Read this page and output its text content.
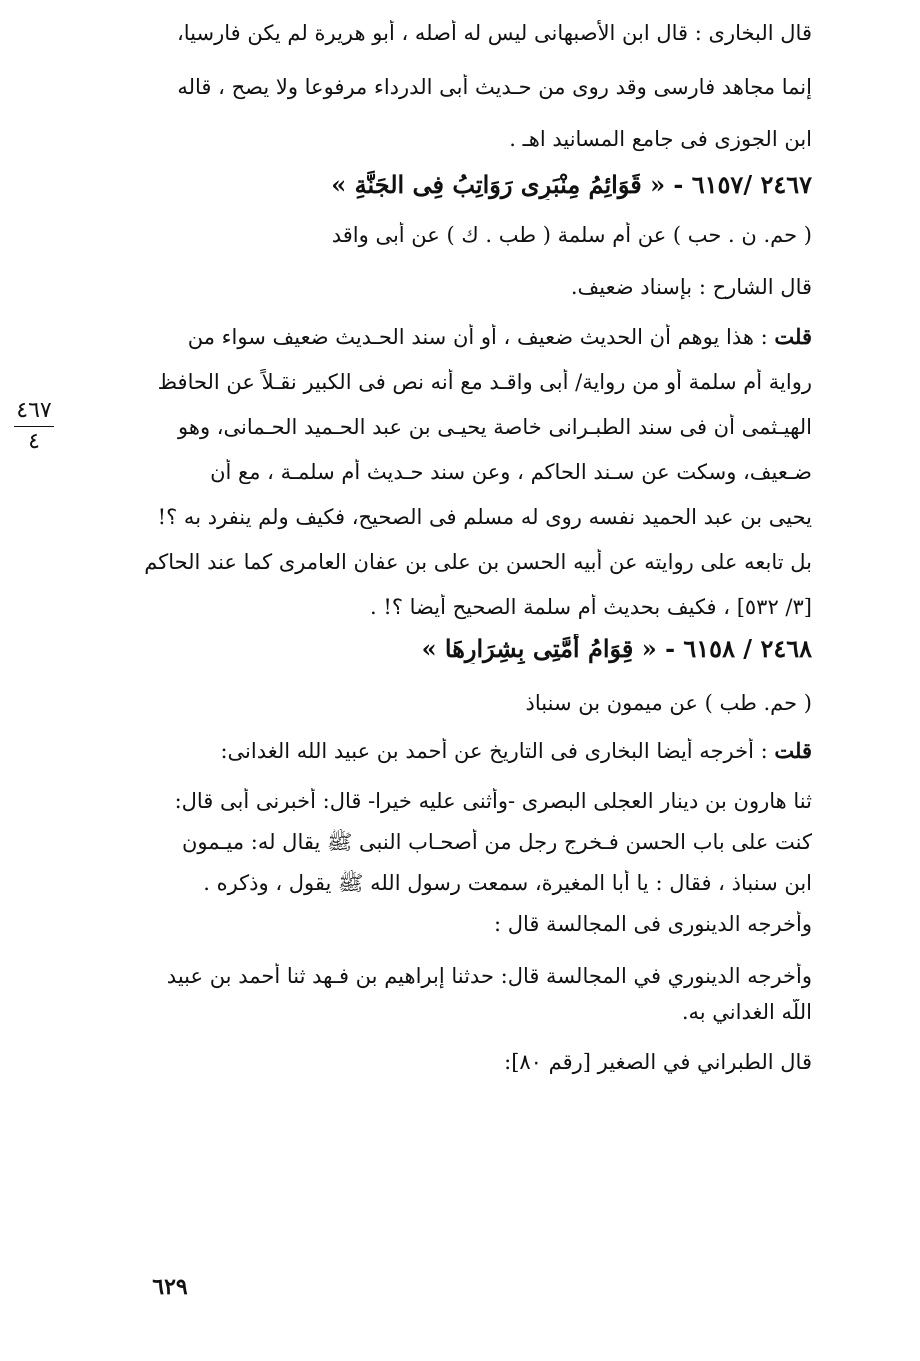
٤٦٧
٤
قال البخارى : قال ابن الأصبهانى ليس له أصله ، أبو هريرة لم يكن فارسيا،
إنما مجاهد فارسى وقد روى من حـديث أبى الدرداء مرفوعا ولا يصح ، قاله
ابن الجوزى فى جامع المسانيد اهـ .
٢٤٦٧ /٦١٥٧ - « قَوَائِمُ مِنْبَرِى رَوَاتِبُ فِى الجَنَّةِ »
( حم. ن . حب ) عن أم سلمة ( طب . ك ) عن أبى واقد
قال الشارح : بإسناد ضعيف.
قلت : هذا يوهم أن الحديث ضعيف ، أو أن سند الحـديث ضعيف سواء من
رواية أم سلمة أو من رواية/ أبى واقـد مع أنه نص فى الكبير نقـلاً عن الحافظ
الهيـثمى أن فى سند الطبـرانى خاصة يحيـى بن عبد الحـميد الحـمانى، وهو
ضـعيف، وسكت عن سـند الحاكم ، وعن سند حـديث أم سلمـة ، مع أن
يحيى بن عبد الحميد نفسه روى له مسلم فى الصحيح، فكيف ولم ينفرد به ؟!
بل تابعه على روايته عن أبيه الحسن بن على بن عفان العامرى كما عند الحاكم
[٣/ ٥٣٢] ، فكيف بحديث أم سلمة الصحيح أيضا ؟! .
٢٤٦٨ / ٦١٥٨ - « قِوَامُ أُمَّتِى بِشِرَارِهَا »
( حم. طب ) عن ميمون بن سنباذ
قلت : أخرجه أيضا البخارى فى التاريخ عن أحمد بن عبيد الله الغدانى:
ثنا هارون بن دينار العجلى البصرى -وأثنى عليه خيرا- قال: أخبرنى أبى قال:
كنت على باب الحسن فـخرج رجل من أصحـاب النبى ﷺ يقال له: ميـمون
ابن سنباذ ، فقال : يا أبا المغيرة، سمعت رسول الله ﷺ يقول ، وذكره .
وأخرجه الدينورى فى المجالسة قال :
وأخرجه الدينوري في المجالسة قال: حدثنا إبراهيم بن فـهد ثنا أحمد بن عبيد
اللَّه الغداني به.
قال الطبراني في الصغير [رقم ٨٠]:
٦٢٩
